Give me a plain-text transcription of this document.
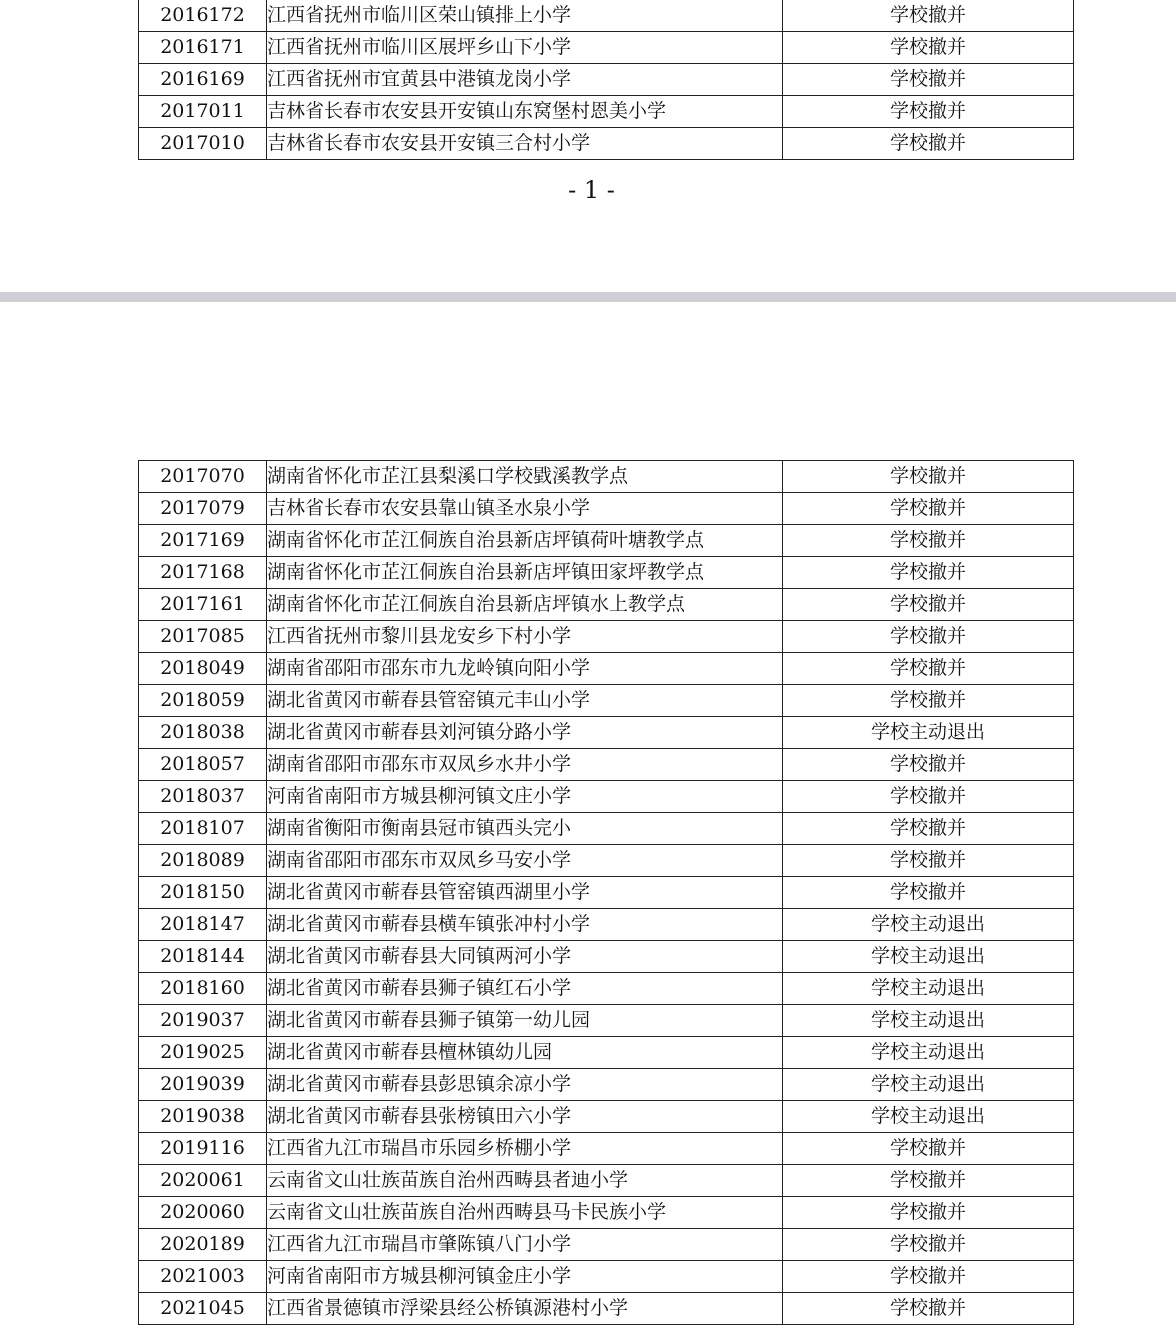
2016172	江西省抚州市临川区荣山镇排上小学	学校撤并
2016171	江西省抚州市临川区展坪乡山下小学	学校撤并
2016169	江西省抚州市宜黄县中港镇龙岗小学	学校撤并
2017011	吉林省长春市农安县开安镇山东窝堡村恩美小学	学校撤并
2017010	吉林省长春市农安县开安镇三合村小学	学校撤并
- 1 -
2017070	湖南省怀化市芷江县梨溪口学校戥溪教学点	学校撤并
2017079	吉林省长春市农安县靠山镇圣水泉小学	学校撤并
2017169	湖南省怀化市芷江侗族自治县新店坪镇荷叶塘教学点	学校撤并
2017168	湖南省怀化市芷江侗族自治县新店坪镇田家坪教学点	学校撤并
2017161	湖南省怀化市芷江侗族自治县新店坪镇水上教学点	学校撤并
2017085	江西省抚州市黎川县龙安乡下村小学	学校撤并
2018049	湖南省邵阳市邵东市九龙岭镇向阳小学	学校撤并
2018059	湖北省黄冈市蕲春县管窑镇元丰山小学	学校撤并
2018038	湖北省黄冈市蕲春县刘河镇分路小学	学校主动退出
2018057	湖南省邵阳市邵东市双凤乡水井小学	学校撤并
2018037	河南省南阳市方城县柳河镇文庄小学	学校撤并
2018107	湖南省衡阳市衡南县冠市镇西头完小	学校撤并
2018089	湖南省邵阳市邵东市双凤乡马安小学	学校撤并
2018150	湖北省黄冈市蕲春县管窑镇西湖里小学	学校撤并
2018147	湖北省黄冈市蕲春县横车镇张冲村小学	学校主动退出
2018144	湖北省黄冈市蕲春县大同镇两河小学	学校主动退出
2018160	湖北省黄冈市蕲春县狮子镇红石小学	学校主动退出
2019037	湖北省黄冈市蕲春县狮子镇第一幼儿园	学校主动退出
2019025	湖北省黄冈市蕲春县檀林镇幼儿园	学校主动退出
2019039	湖北省黄冈市蕲春县彭思镇余凉小学	学校主动退出
2019038	湖北省黄冈市蕲春县张榜镇田六小学	学校主动退出
2019116	江西省九江市瑞昌市乐园乡桥棚小学	学校撤并
2020061	云南省文山壮族苗族自治州西畴县者迪小学	学校撤并
2020060	云南省文山壮族苗族自治州西畴县马卡民族小学	学校撤并
2020189	江西省九江市瑞昌市肇陈镇八门小学	学校撤并
2021003	河南省南阳市方城县柳河镇金庄小学	学校撤并
2021045	江西省景德镇市浮梁县经公桥镇源港村小学	学校撤并
